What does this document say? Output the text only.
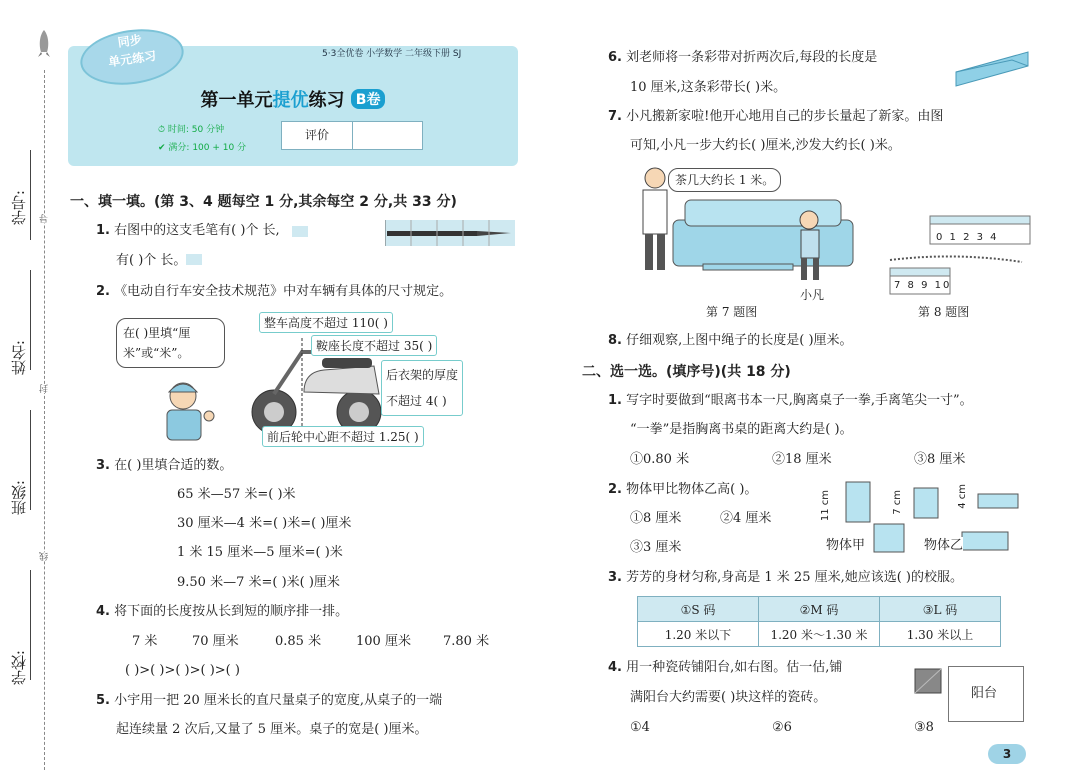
学号:
姓名:
班级:
学校:
导
封
线
同步
单元练习	5·3全优卷 小学数学 二年级下册 SJ
第一单元提优练习 B卷
⏱ 时间: 50 分钟
✔ 满分: 100 + 10 分
评价
一、填一填。(第 3、4 题每空 1 分,其余每空 2 分,共 33 分)
1. 右图中的这支毛笔有( )个 长,
有( )个 长。
2. 《电动自行车安全技术规范》中对车辆有具体的尺寸规定。
在( )里填“厘米”或“米”。
整车高度不超过 110( )
鞍座长度不超过 35( )
后衣架的厚度
不超过 4( )
前后轮中心距不超过 1.25( )
3. 在( )里填合适的数。
65 米—57 米=( )米
30 厘米—4 米=( )米=( )厘米
1 米 15 厘米—5 厘米=( )米
9.50 米—7 米=( )米( )厘米
4. 将下面的长度按从长到短的顺序排一排。
7 米	70 厘米	0.85 米	100 厘米 7.80 米
( )>( )>( )>( )>( )
5. 小宇用一把 20 厘米长的直尺量桌子的宽度,从桌子的一端
起连续量 2 次后,又量了 5 厘米。桌子的宽是( )厘米。
6. 刘老师将一条彩带对折两次后,每段的长度是
10 厘米,这条彩带长( )米。
7. 小凡搬新家啦!他开心地用自己的步长量起了新家。由图
可知,小凡一步大约长( )厘米,沙发大约长( )米。
茶几大约长 1 米。
小凡
第 7 题图
0 1 2 3 4
7 8 9 10
第 8 题图
8. 仔细观察,上图中绳子的长度是( )厘米。
二、选一选。(填序号)(共 18 分)
1. 写字时要做到“眼离书本一尺,胸离桌子一拳,手离笔尖一寸”。
“一拳”是指胸离书桌的距离大约是( )。
①0.80 米	②18 厘米	③8 厘米
2. 物体甲比物体乙高( )。
①8 厘米	②4 厘米
③3 厘米
11 cm	7 cm	4 cm
物体甲	物体乙
3. 芳芳的身材匀称,身高是 1 米 25 厘米,她应该选( )的校服。
①S 码	②M 码	③L 码
1.20 米以下	1.20 米～1.30 米	1.30 米以上
4. 用一种瓷砖铺阳台,如右图。估一估,铺
满阳台大约需要( )块这样的瓷砖。
①4	②6	③8
阳台
3
